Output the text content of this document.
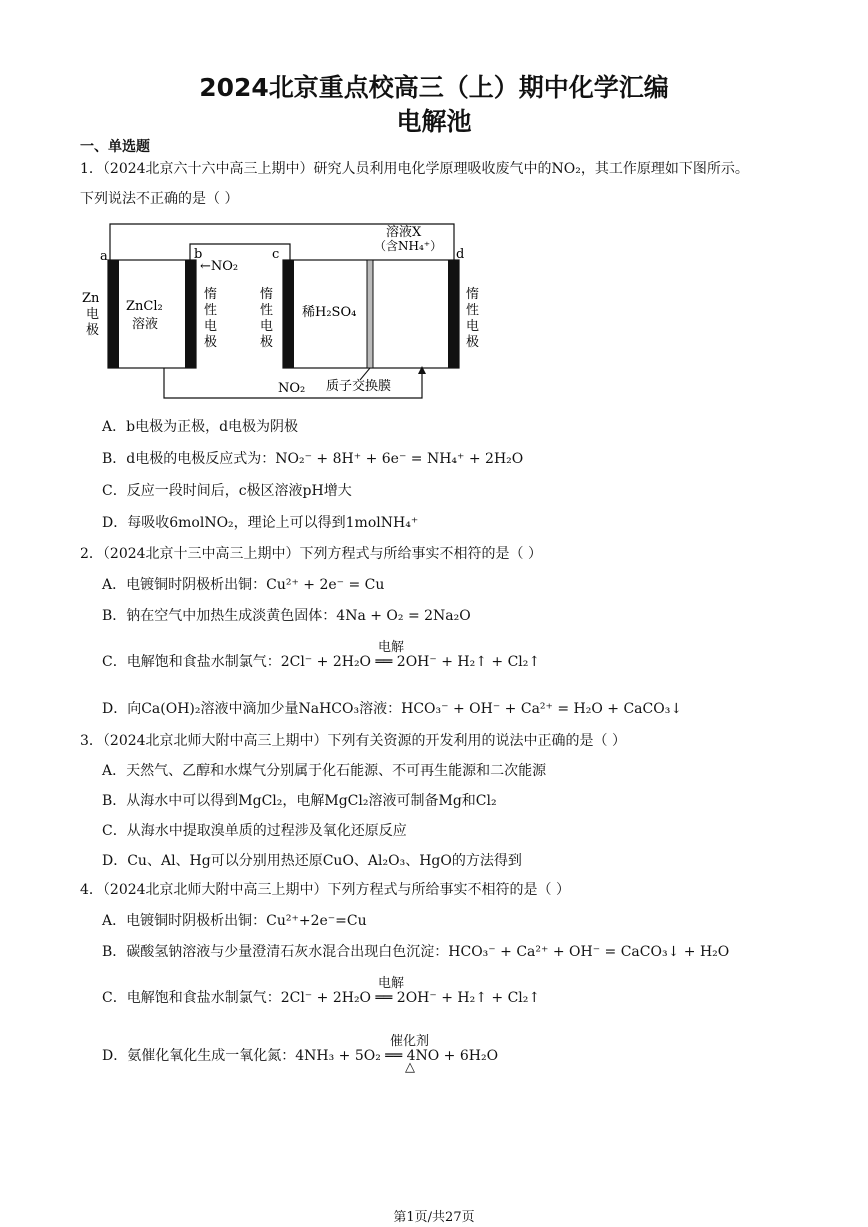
2024北京重点校高三（上）期中化学汇编
电解池
一、单选题
1．（2024北京六十六中高三上期中）研究人员利用电化学原理吸收废气中的NO₂，其工作原理如下图所示。
下列说法不正确的是（ ）
a	b	c	d
溶液X
（含NH₄⁺）
←NO₂
ZnCl₂
溶液
稀H₂SO₄
NO₂ 质子交换膜
Zn
电
极
惰
性
电
极
惰
性
电
极
惰
性
电
极
A．b电极为正极，d电极为阴极
B．d电极的电极反应式为：NO₂⁻ + 8H⁺ + 6e⁻ = NH₄⁺ + 2H₂O
C．反应一段时间后，c极区溶液pH增大
D．每吸收6molNO₂，理论上可以得到1molNH₄⁺
2．（2024北京十三中高三上期中）下列方程式与所给事实不相符的是（ ）
A．电镀铜时阴极析出铜：Cu²⁺ + 2e⁻ = Cu
B．钠在空气中加热生成淡黄色固体：4Na + O₂ = 2Na₂O
电解
C．电解饱和食盐水制氯气：2Cl⁻ + 2H₂O ══ 2OH⁻ + H₂↑ + Cl₂↑
D．向Ca(OH)₂溶液中滴加少量NaHCO₃溶液：HCO₃⁻ + OH⁻ + Ca²⁺ = H₂O + CaCO₃↓
3．（2024北京北师大附中高三上期中）下列有关资源的开发利用的说法中正确的是（ ）
A．天然气、乙醇和水煤气分别属于化石能源、不可再生能源和二次能源
B．从海水中可以得到MgCl₂，电解MgCl₂溶液可制备Mg和Cl₂
C．从海水中提取溴单质的过程涉及氧化还原反应
D．Cu、Al、Hg可以分别用热还原CuO、Al₂O₃、HgO的方法得到
4．（2024北京北师大附中高三上期中）下列方程式与所给事实不相符的是（ ）
A．电镀铜时阴极析出铜：Cu²⁺+2e⁻=Cu
B．碳酸氢钠溶液与少量澄清石灰水混合出现白色沉淀：HCO₃⁻ + Ca²⁺ + OH⁻ = CaCO₃↓ + H₂O
电解
C．电解饱和食盐水制氯气：2Cl⁻ + 2H₂O ══ 2OH⁻ + H₂↑ + Cl₂↑
催化剂
D．氨催化氧化生成一氧化氮：4NH₃ + 5O₂ ══ 4NO + 6H₂O
△
第1页/共27页
